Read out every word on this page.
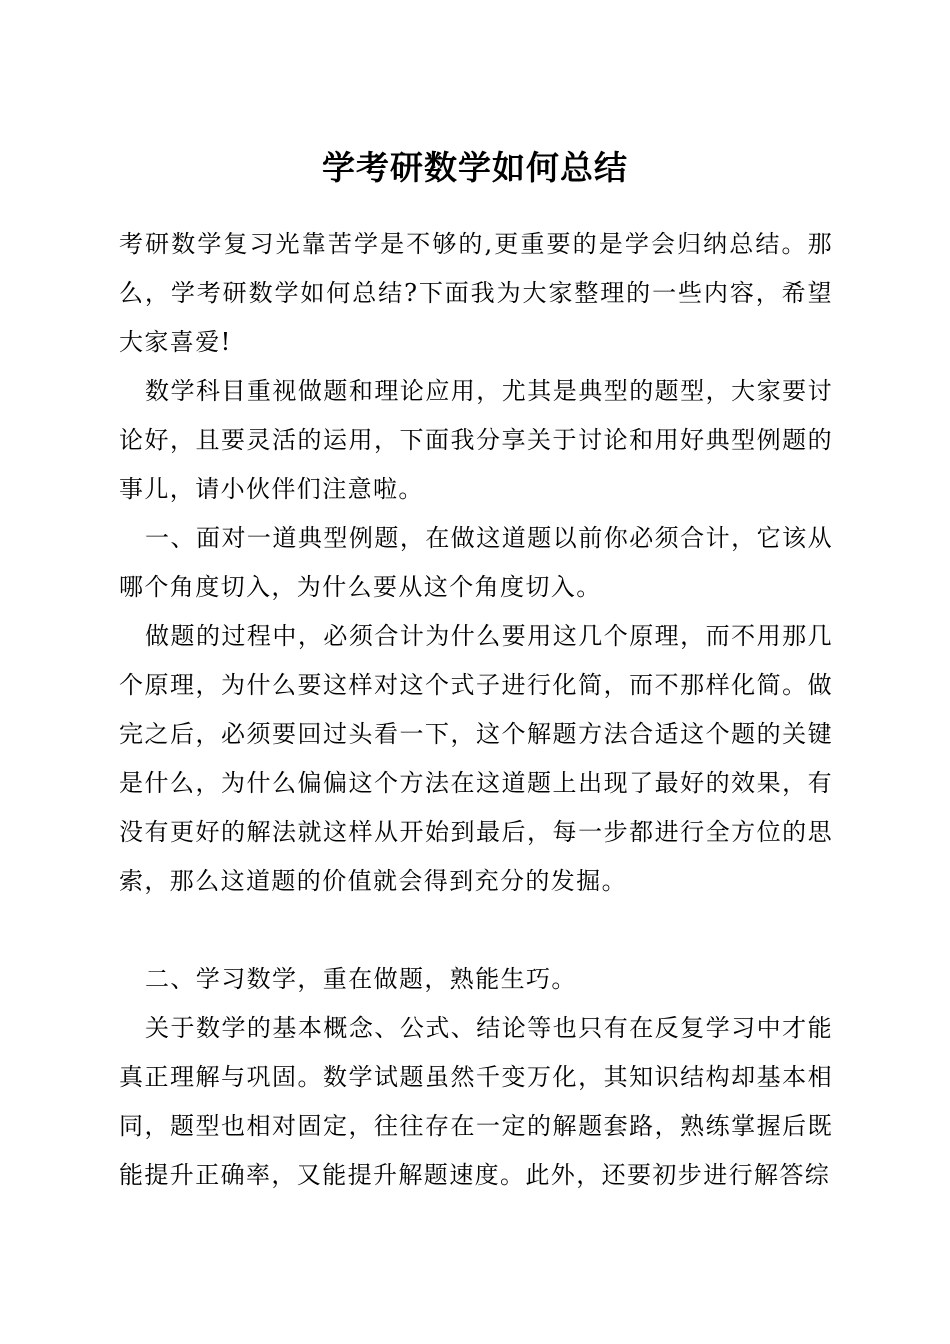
学考研数学如何总结

考研数学复习光靠苦学是不够的,更重要的是学会归纳总结。那么，学考研数学如何总结?下面我为大家整理的一些内容，希望大家喜爱!

数学科目重视做题和理论应用，尤其是典型的题型，大家要讨论好，且要灵活的运用，下面我分享关于讨论和用好典型例题的事儿，请小伙伴们注意啦。

一、面对一道典型例题，在做这道题以前你必须合计，它该从哪个角度切入，为什么要从这个角度切入。

做题的过程中，必须合计为什么要用这几个原理，而不用那几个原理，为什么要这样对这个式子进行化简，而不那样化简。做完之后，必须要回过头看一下，这个解题方法合适这个题的关键是什么，为什么偏偏这个方法在这道题上出现了最好的效果，有没有更好的解法就这样从开始到最后，每一步都进行全方位的思索，那么这道题的价值就会得到充分的发掘。

二、学习数学，重在做题，熟能生巧。

关于数学的基本概念、公式、结论等也只有在反复学习中才能真正理解与巩固。数学试题虽然千变万化，其知识结构却基本相同，题型也相对固定，往往存在一定的解题套路，熟练掌握后既能提升正确率，又能提升解题速度。此外，还要初步进行解答综
